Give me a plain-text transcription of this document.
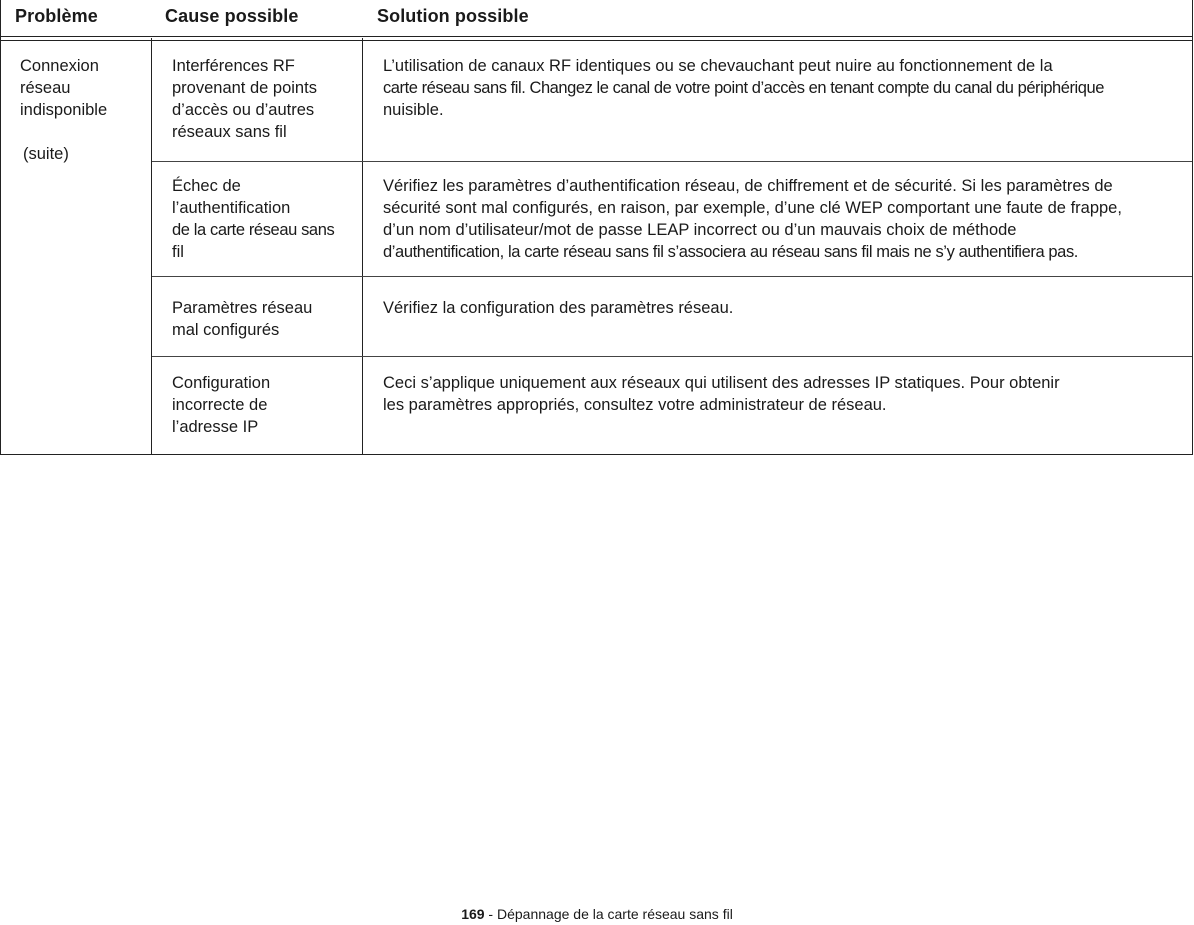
Problème	Cause possible	Solution possible
Connexion
réseau
indisponible
(suite)
Interférences RF
provenant de points
d’accès ou d’autres
réseaux sans fil
L’utilisation de canaux RF identiques ou se chevauchant peut nuire au fonctionnement de la
carte réseau sans fil. Changez le canal de votre point d’accès en tenant compte du canal du périphérique
nuisible.
Échec de
l’authentification
de la carte réseau sans
fil
Vérifiez les paramètres d’authentification réseau, de chiffrement et de sécurité. Si les paramètres de
sécurité sont mal configurés, en raison, par exemple, d’une clé WEP comportant une faute de frappe,
d’un nom d’utilisateur/mot de passe LEAP incorrect ou d’un mauvais choix de méthode
d’authentification, la carte réseau sans fil s’associera au réseau sans fil mais ne s’y authentifiera pas.
Paramètres réseau
mal configurés
Vérifiez la configuration des paramètres réseau.
Configuration
incorrecte de
l’adresse IP
Ceci s’applique uniquement aux réseaux qui utilisent des adresses IP statiques. Pour obtenir
les paramètres appropriés, consultez votre administrateur de réseau.
169 - Dépannage de la carte réseau sans fil
